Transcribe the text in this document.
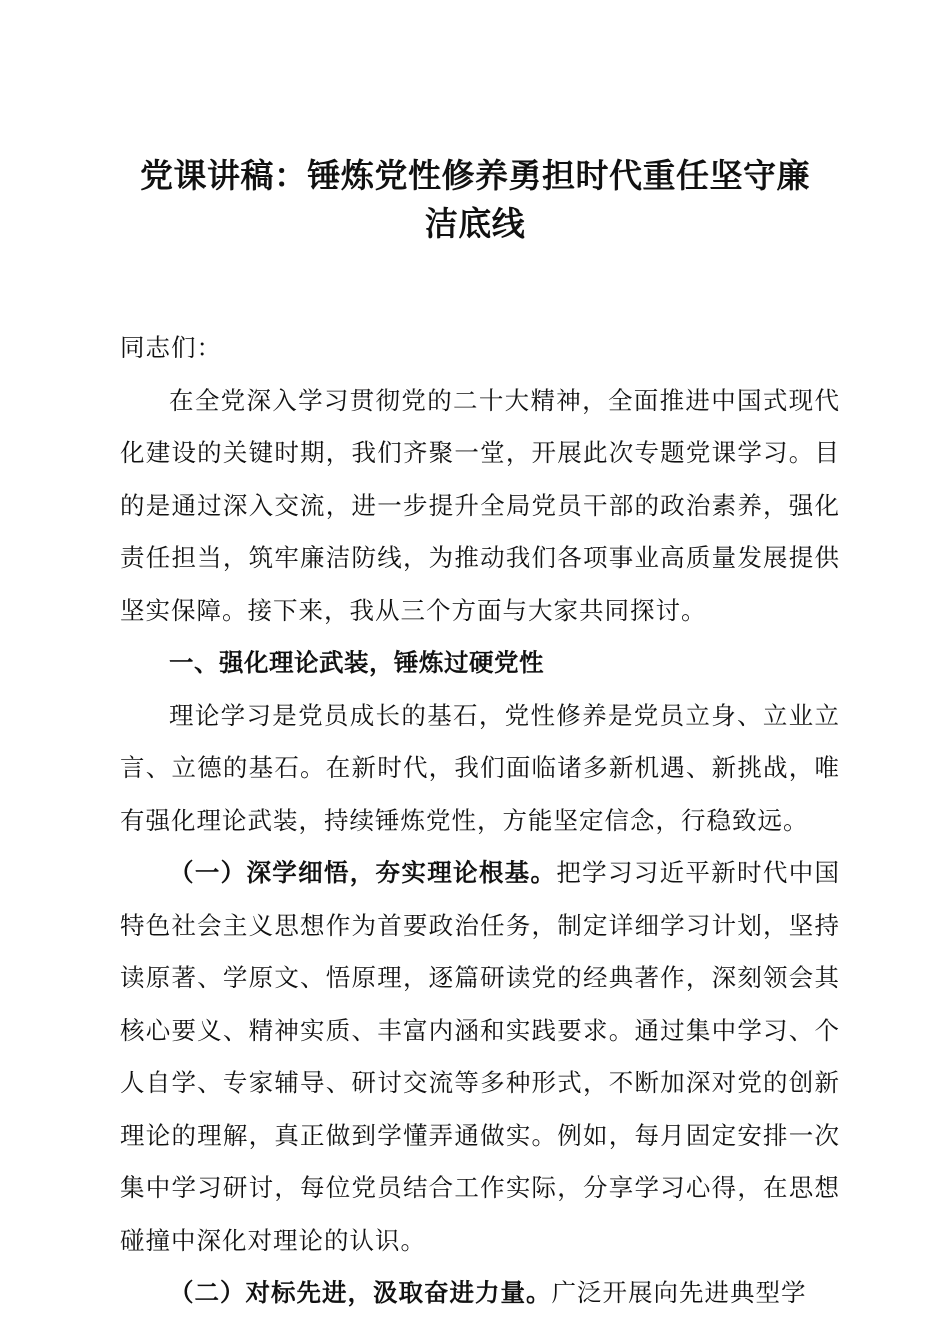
党课讲稿：锤炼党性修养勇担时代重任坚守廉
洁底线

同志们：

在全党深入学习贯彻党的二十大精神，全面推进中国式现代化建设的关键时期，我们齐聚一堂，开展此次专题党课学习。目的是通过深入交流，进一步提升全局党员干部的政治素养，强化责任担当，筑牢廉洁防线，为推动我们各项事业高质量发展提供坚实保障。接下来，我从三个方面与大家共同探讨。

一、强化理论武装，锤炼过硬党性

理论学习是党员成长的基石，党性修养是党员立身、立业立言、立德的基石。在新时代，我们面临诸多新机遇、新挑战，唯有强化理论武装，持续锤炼党性，方能坚定信念，行稳致远。

（一）深学细悟，夯实理论根基。把学习习近平新时代中国特色社会主义思想作为首要政治任务，制定详细学习计划，坚持读原著、学原文、悟原理，逐篇研读党的经典著作，深刻领会其核心要义、精神实质、丰富内涵和实践要求。通过集中学习、个人自学、专家辅导、研讨交流等多种形式，不断加深对党的创新理论的理解，真正做到学懂弄通做实。例如，每月固定安排一次集中学习研讨，每位党员结合工作实际，分享学习心得，在思想碰撞中深化对理论的认识。

（二）对标先进，汲取奋进力量。广泛开展向先进典型学
